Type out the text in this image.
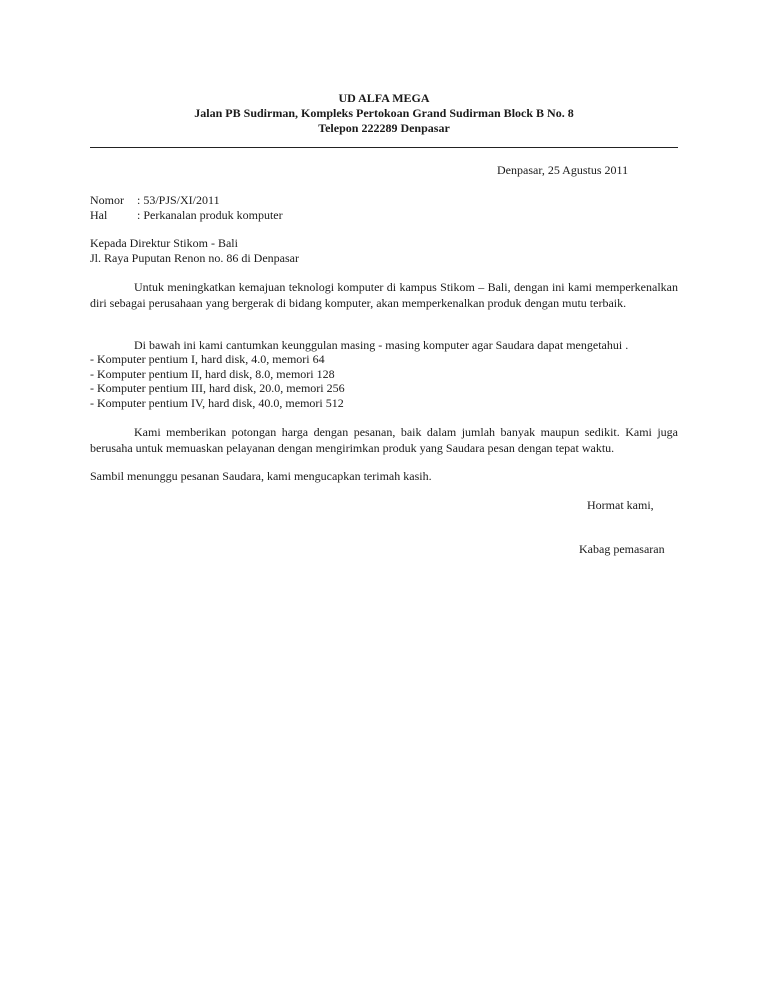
UD ALFA MEGA
Jalan PB Sudirman, Kompleks Pertokoan Grand Sudirman Block B No. 8
Telepon 222289 Denpasar
Denpasar, 25 Agustus 2011
Nomor : 53/PJS/XI/2011
Hal : Perkanalan produk komputer
Kepada Direktur Stikom - Bali
Jl. Raya Puputan Renon no. 86 di Denpasar
Untuk meningkatkan kemajuan teknologi komputer di kampus Stikom – Bali, dengan ini kami memperkenalkan diri sebagai perusahaan yang bergerak di bidang komputer, akan memperkenalkan produk dengan mutu terbaik.
Di bawah ini kami cantumkan keunggulan masing - masing komputer agar Saudara dapat mengetahui .
- Komputer pentium I, hard disk, 4.0, memori 64
- Komputer pentium II, hard disk, 8.0, memori 128
- Komputer pentium III, hard disk, 20.0, memori 256
- Komputer pentium IV, hard disk, 40.0, memori 512
Kami memberikan potongan harga dengan pesanan, baik dalam jumlah banyak maupun sedikit. Kami juga berusaha untuk memuaskan pelayanan dengan mengirimkan produk yang Saudara pesan dengan tepat waktu.
Sambil menunggu pesanan Saudara, kami mengucapkan terimah kasih.
Hormat kami,
Kabag pemasaran
